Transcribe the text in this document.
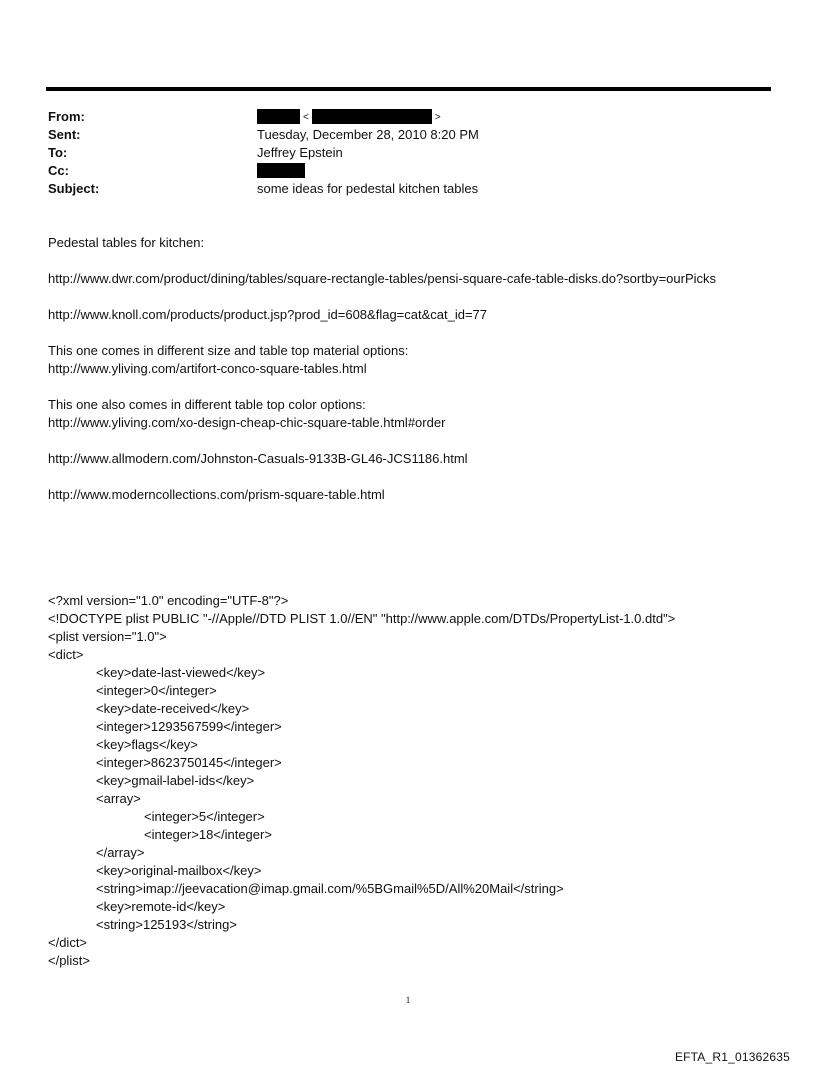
From:	<	>
Sent:	Tuesday, December 28, 2010 8:20 PM
To:	Jeffrey Epstein
Cc:
Subject:	some ideas for pedestal kitchen tables

Pedestal tables for kitchen:

http://www.dwr.com/product/dining/tables/square-rectangle-tables/pensi-square-cafe-table-disks.do?sortby=ourPicks

http://www.knoll.com/products/product.jsp?prod_id=608&flag=cat&cat_id=77

This one comes in different size and table top material options:
http://www.yliving.com/artifort-conco-square-tables.html

This one also comes in different table top color options:
http://www.yliving.com/xo-design-cheap-chic-square-table.html#order

http://www.allmodern.com/Johnston-Casuals-9133B-GL46-JCS1186.html

http://www.moderncollections.com/prism-square-table.html

<?xml version="1.0" encoding="UTF-8"?>
<!DOCTYPE plist PUBLIC "-//Apple//DTD PLIST 1.0//EN" "http://www.apple.com/DTDs/PropertyList-1.0.dtd">
<plist version="1.0">
<dict>
<key>date-last-viewed</key>
<integer>0</integer>
<key>date-received</key>
<integer>1293567599</integer>
<key>flags</key>
<integer>8623750145</integer>
<key>gmail-label-ids</key>
<array>
<integer>5</integer>
<integer>18</integer>
</array>
<key>original-mailbox</key>
<string>imap://jeevacation@imap.gmail.com/%5BGmail%5D/All%20Mail</string>
<key>remote-id</key>
<string>125193</string>
</dict>
</plist>
1
EFTA_R1_01362635
